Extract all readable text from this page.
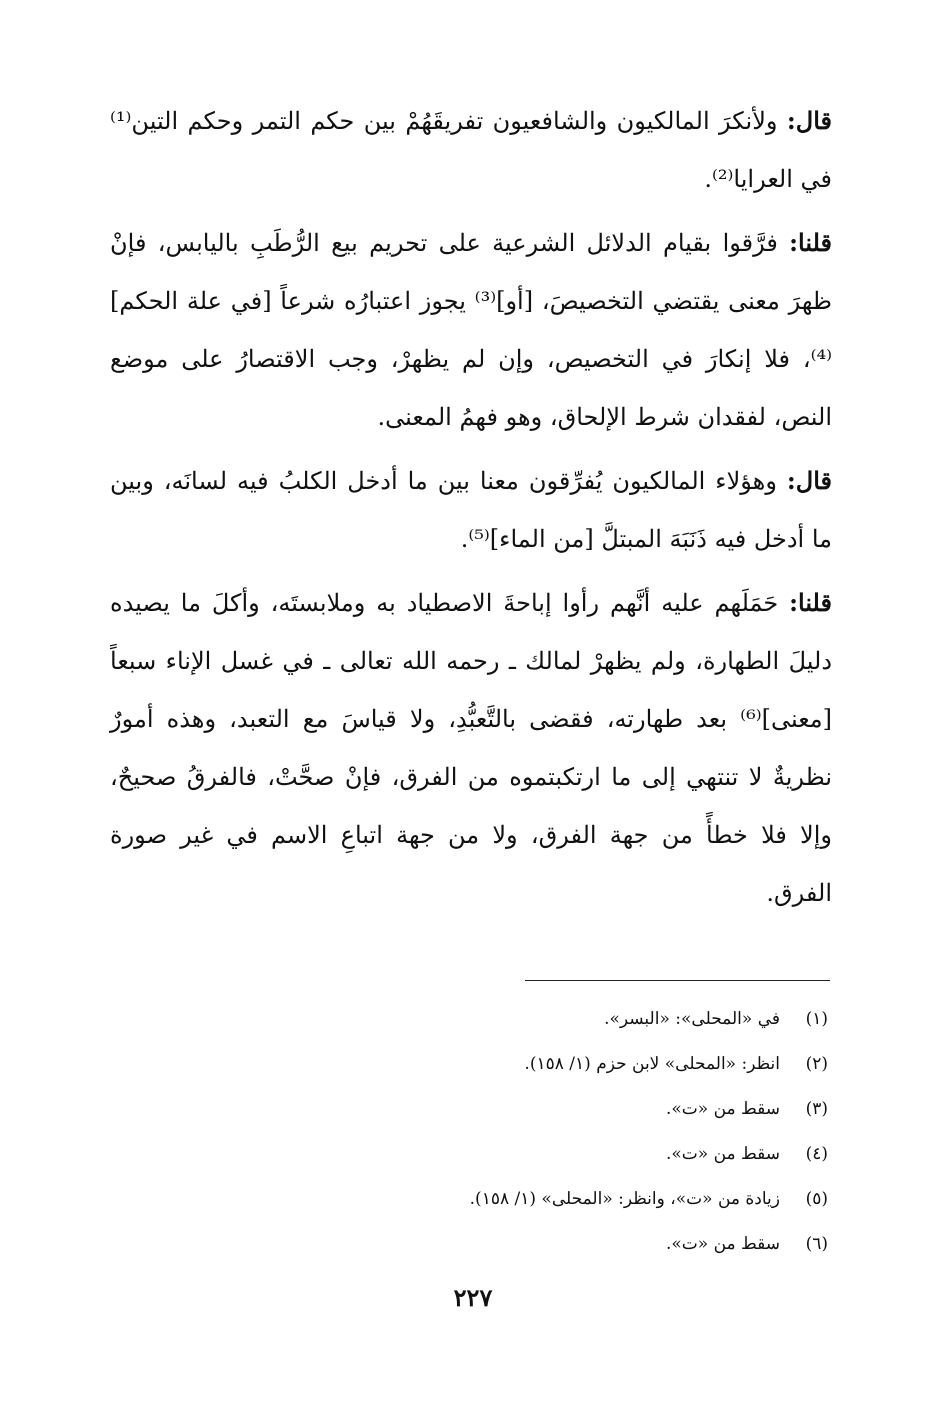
قال: ولأنكرَ المالكيون والشافعيون تفريقَهُمْ بين حكم التمر وحكم التين⁽¹⁾ في العرايا⁽²⁾.

قلنا: فرَّقوا بقيام الدلائل الشرعية على تحريم بيع الرُّطَبِ باليابس، فإنْ ظهرَ معنى يقتضي التخصيصَ، [أو]⁽³⁾ يجوز اعتبارُه شرعاً [في علة الحكم]⁽⁴⁾، فلا إنكارَ في التخصيص، وإن لم يظهرْ، وجب الاقتصارُ على موضع النص، لفقدان شرط الإلحاق، وهو فهمُ المعنى.

قال: وهؤلاء المالكيون يُفرِّقون معنا بين ما أدخل الكلبُ فيه لسانَه، وبين ما أدخل فيه ذَنَبَهَ المبتلَّ [من الماء]⁽⁵⁾.

قلنا: حَمَلَهم عليه أنَّهم رأوا إباحةَ الاصطياد به وملابستَه، وأكلَ ما يصيده دليلَ الطهارة، ولم يظهرْ لمالك ـ رحمه الله تعالى ـ في غسل الإناء سبعاً [معنى]⁽⁶⁾ بعد طهارته، فقضى بالتَّعبُّدِ، ولا قياسَ مع التعبد، وهذه أمورٌ نظريةٌ لا تنتهي إلى ما ارتكبتموه من الفرق، فإنْ صحَّتْ، فالفرقُ صحيحٌ، وإلا فلا خطأً من جهة الفرق، ولا من جهة اتباعِ الاسم في غير صورة الفرق.

(١)
في «المحلى»: «البسر».
(٢)
انظر: «المحلى» لابن حزم (١/ ١٥٨).
(٣)
سقط من «ت».
(٤)
سقط من «ت».
(٥)
زيادة من «ت»، وانظر: «المحلى» (١/ ١٥٨).
(٦)
سقط من «ت».
٢٢٧
